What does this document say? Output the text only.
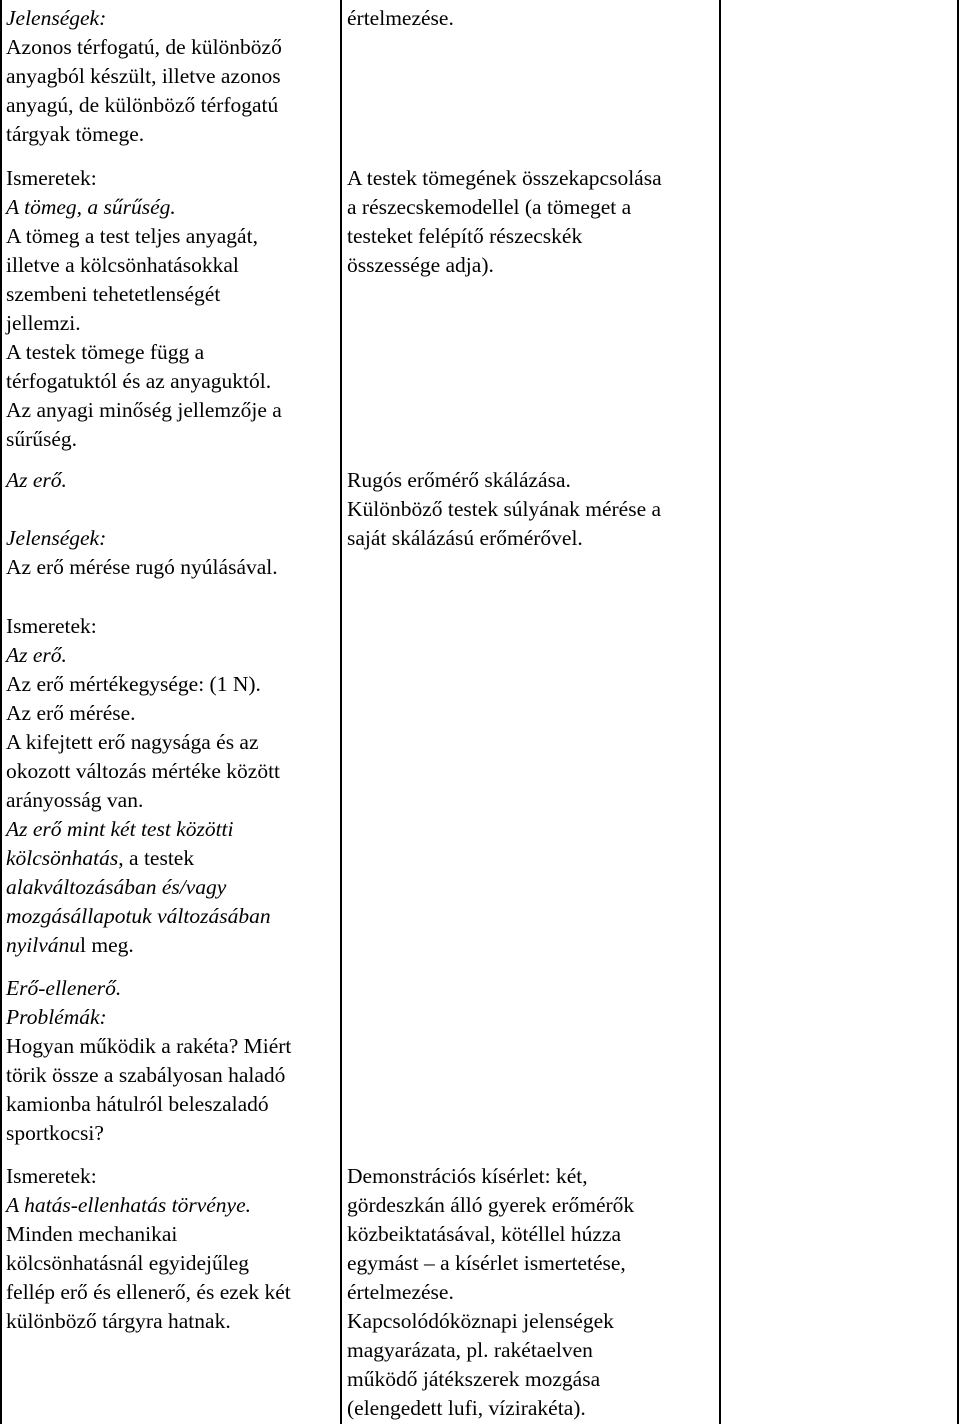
Jelenségek:
Azonos térfogatú, de különböző
anyagból készült, illetve azonos
anyagú, de különböző térfogatú
tárgyak tömege.
Ismeretek:
A tömeg, a sűrűség.
A tömeg a test teljes anyagát,
illetve a kölcsönhatásokkal
szembeni tehetetlenségét
jellemzi.
A testek tömege függ a
térfogatuktól és az anyaguktól.
Az anyagi minőség jellemzője a
sűrűség.
Az erő.
Jelenségek:
Az erő mérése rugó nyúlásával.
Ismeretek:
Az erő.
Az erő mértékegysége: (1 N).
Az erő mérése.
A kifejtett erő nagysága és az
okozott változás mértéke között
arányosság van.
Az erő mint két test közötti
kölcsönhatás, a testek
alakváltozásában és/vagy
mozgásállapotuk változásában
nyilvánul meg.
Erő-ellenerő.
Problémák:
Hogyan működik a rakéta? Miért
törik össze a szabályosan haladó
kamionba hátulról beleszaladó
sportkocsi?
Ismeretek:
A hatás-ellenhatás törvénye.
Minden mechanikai
kölcsönhatásnál egyidejűleg
fellép erő és ellenerő, és ezek két
különböző tárgyra hatnak.
értelmezése.
A testek tömegének összekapcsolása
a részecskemodellel (a tömeget a
testeket felépítő részecskék
összessége adja).
Rugós erőmérő skálázása.
Különböző testek súlyának mérése a
saját skálázású erőmérővel.
Demonstrációs kísérlet: két,
gördeszkán álló gyerek erőmérők
közbeiktatásával, kötéllel húzza
egymást – a kísérlet ismertetése,
értelmezése.
Kapcsolódóköznapi jelenségek
magyarázata, pl. rakétaelven
működő játékszerek mozgása
(elengedett lufi, vízirakéta).
